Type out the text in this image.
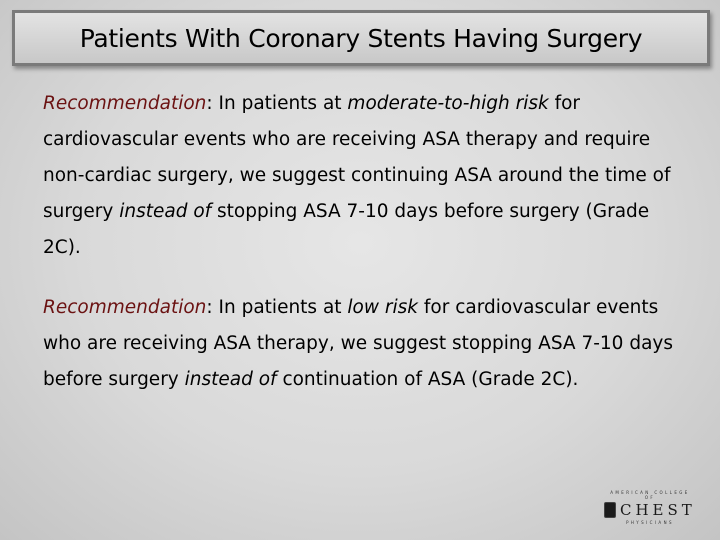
Patients With Coronary Stents Having Surgery

Recommendation: In patients at moderate-to-high risk for cardiovascular events who are receiving ASA therapy and require non-cardiac surgery, we suggest continuing ASA around the time of surgery instead of stopping ASA 7-10 days before surgery (Grade 2C).

Recommendation: In patients at low risk for cardiovascular events who are receiving ASA therapy, we suggest stopping ASA 7-10 days before surgery instead of continuation of ASA (Grade 2C).

AMERICAN COLLEGE OF
CHEST
PHYSICIANS
